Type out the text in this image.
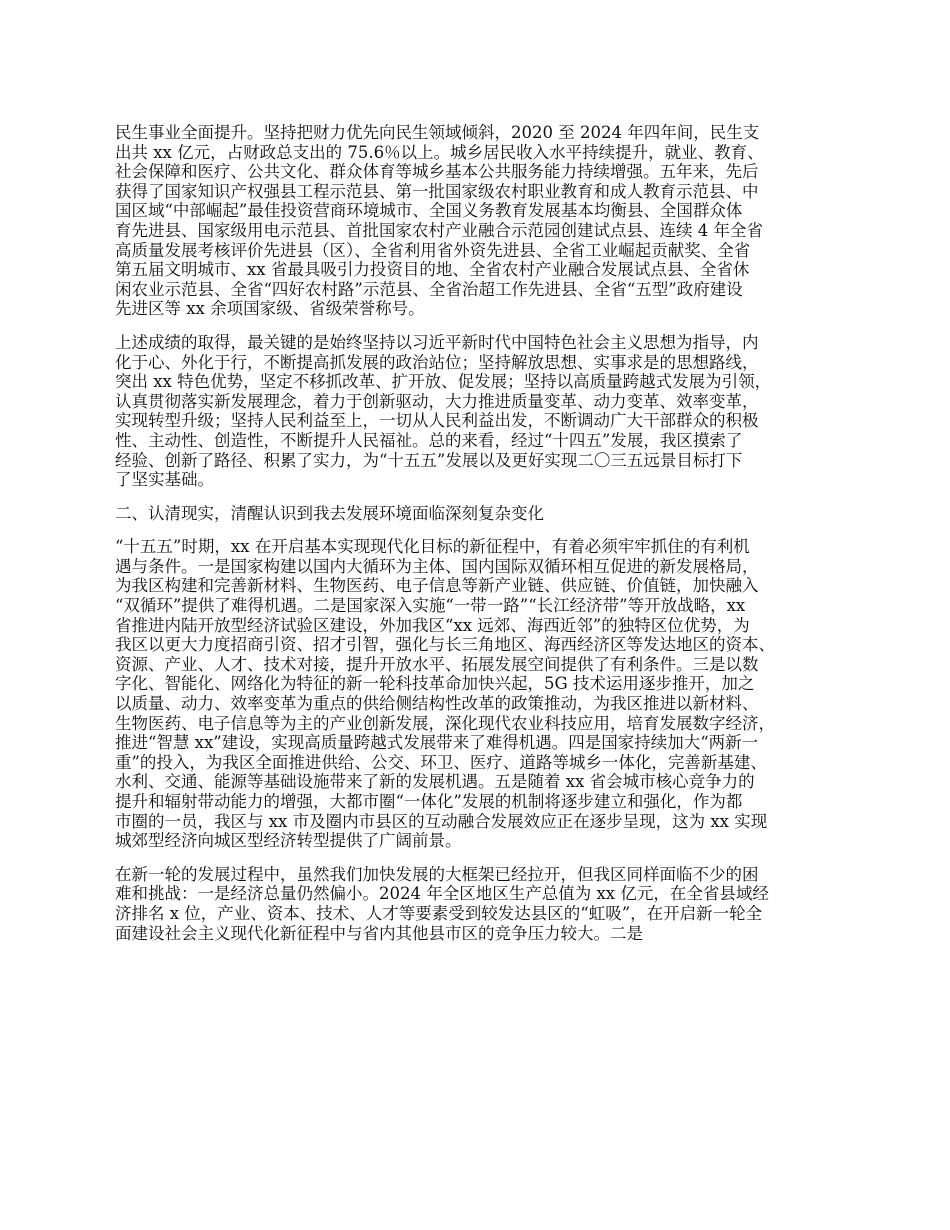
民生事业全面提升。坚持把财力优先向民生领域倾斜，2020 至 2024 年四年间，民生支
出共 xx 亿元，占财政总支出的 75.6％以上。城乡居民收入水平持续提升，就业、教育、
社会保障和医疗、公共文化、群众体育等城乡基本公共服务能力持续增强。五年来，先后
获得了国家知识产权强县工程示范县、第一批国家级农村职业教育和成人教育示范县、中
国区域“中部崛起”最佳投资营商环境城市、全国义务教育发展基本均衡县、全国群众体
育先进县、国家级用电示范县、首批国家农村产业融合示范园创建试点县、连续 4 年全省
高质量发展考核评价先进县（区）、全省利用省外资先进县、全省工业崛起贡献奖、全省
第五届文明城市、xx 省最具吸引力投资目的地、全省农村产业融合发展试点县、全省休
闲农业示范县、全省“四好农村路”示范县、全省治超工作先进县、全省“五型”政府建设
先进区等 xx 余项国家级、省级荣誉称号。

上述成绩的取得，最关键的是始终坚持以习近平新时代中国特色社会主义思想为指导，内
化于心、外化于行，不断提高抓发展的政治站位；坚持解放思想、实事求是的思想路线，
突出 xx 特色优势，坚定不移抓改革、扩开放、促发展；坚持以高质量跨越式发展为引领，
认真贯彻落实新发展理念，着力于创新驱动，大力推进质量变革、动力变革、效率变革，
实现转型升级；坚持人民利益至上，一切从人民利益出发，不断调动广大干部群众的积极
性、主动性、创造性，不断提升人民福祉。总的来看，经过“十四五”发展，我区摸索了
经验、创新了路径、积累了实力，为“十五五”发展以及更好实现二〇三五远景目标打下
了坚实基础。

二、认清现实，清醒认识到我去发展环境面临深刻复杂变化

“十五五”时期，xx 在开启基本实现现代化目标的新征程中，有着必须牢牢抓住的有利机
遇与条件。一是国家构建以国内大循环为主体、国内国际双循环相互促进的新发展格局，
为我区构建和完善新材料、生物医药、电子信息等新产业链、供应链、价值链，加快融入
“双循环”提供了难得机遇。二是国家深入实施“一带一路”“长江经济带”等开放战略，xx
省推进内陆开放型经济试验区建设，外加我区“xx 远郊、海西近邻”的独特区位优势，为
我区以更大力度招商引资、招才引智，强化与长三角地区、海西经济区等发达地区的资本、
资源、产业、人才、技术对接，提升开放水平、拓展发展空间提供了有利条件。三是以数
字化、智能化、网络化为特征的新一轮科技革命加快兴起，5G 技术运用逐步推开，加之
以质量、动力、效率变革为重点的供给侧结构性改革的政策推动，为我区推进以新材料、
生物医药、电子信息等为主的产业创新发展，深化现代农业科技应用，培育发展数字经济，
推进“智慧 xx”建设，实现高质量跨越式发展带来了难得机遇。四是国家持续加大“两新一
重”的投入，为我区全面推进供给、公交、环卫、医疗、道路等城乡一体化，完善新基建、
水利、交通、能源等基础设施带来了新的发展机遇。五是随着 xx 省会城市核心竞争力的
提升和辐射带动能力的增强，大都市圈“一体化”发展的机制将逐步建立和强化，作为都
市圈的一员，我区与 xx 市及圈内市县区的互动融合发展效应正在逐步呈现，这为 xx 实现
城郊型经济向城区型经济转型提供了广阔前景。

在新一轮的发展过程中，虽然我们加快发展的大框架已经拉开，但我区同样面临不少的困
难和挑战：一是经济总量仍然偏小。2024 年全区地区生产总值为 xx 亿元，在全省县域经
济排名 x 位，产业、资本、技术、人才等要素受到较发达县区的“虹吸”，在开启新一轮全
面建设社会主义现代化新征程中与省内其他县市区的竞争压力较大。二是
